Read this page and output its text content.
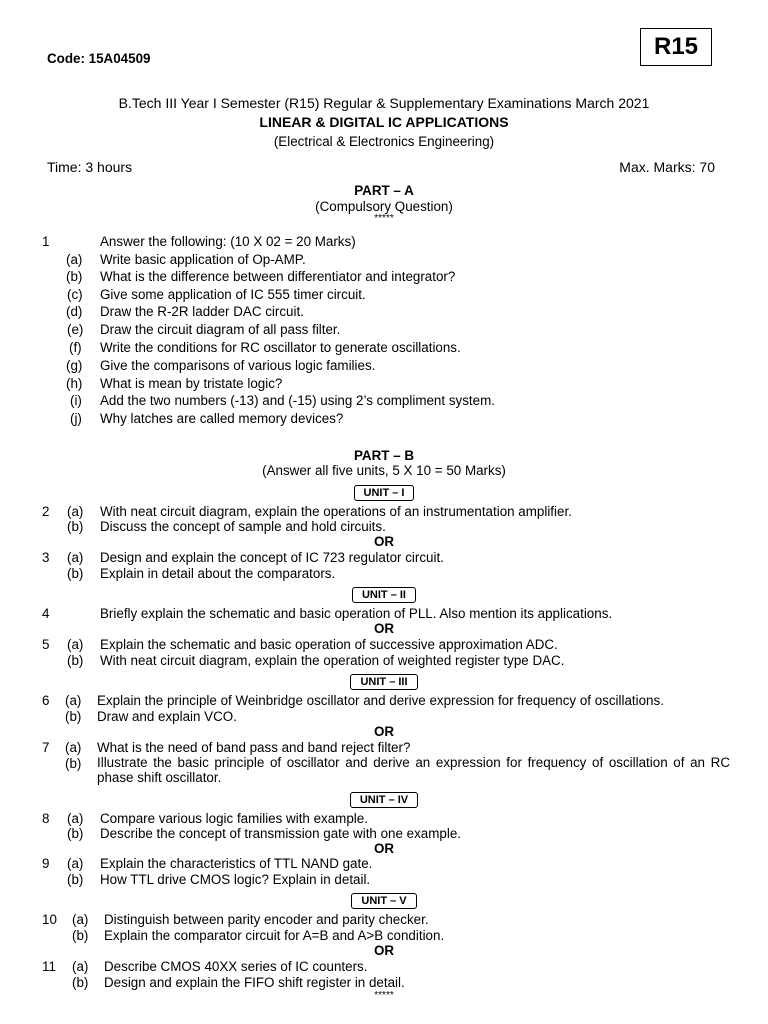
Code: 15A04509	R15
B.Tech III Year I Semester (R15) Regular & Supplementary Examinations March 2021
LINEAR & DIGITAL IC APPLICATIONS
(Electrical & Electronics Engineering)
Time: 3 hours	Max. Marks: 70
PART – A
(Compulsory Question)
*****
1	Answer the following: (10 X 02 = 20 Marks)
(a) Write basic application of Op-AMP.
(b) What is the difference between differentiator and integrator?
(c) Give some application of IC 555 timer circuit.
(d) Draw the R-2R ladder DAC circuit.
(e) Draw the circuit diagram of all pass filter.
(f) Write the conditions for RC oscillator to generate oscillations.
(g) Give the comparisons of various logic families.
(h) What is mean by tristate logic?
(i) Add the two numbers (-13) and (-15) using 2’s compliment system.
(j) Why latches are called memory devices?
PART – B
(Answer all five units, 5 X 10 = 50 Marks)
UNIT – I
2 (a) With neat circuit diagram, explain the operations of an instrumentation amplifier.
(b) Discuss the concept of sample and hold circuits.
OR
3 (a) Design and explain the concept of IC 723 regulator circuit.
(b) Explain in detail about the comparators.
UNIT – II
4	Briefly explain the schematic and basic operation of PLL. Also mention its applications.
OR
5 (a) Explain the schematic and basic operation of successive approximation ADC.
(b) With neat circuit diagram, explain the operation of weighted register type DAC.
UNIT – III
6 (a) Explain the principle of Weinbridge oscillator and derive expression for frequency of oscillations.
(b) Draw and explain VCO.
OR
7 (a) What is the need of band pass and band reject filter?
(b) Illustrate the basic principle of oscillator and derive an expression for frequency of oscillation of an RC phase shift oscillator.
UNIT – IV
8 (a) Compare various logic families with example.
(b) Describe the concept of transmission gate with one example.
OR
9 (a) Explain the characteristics of TTL NAND gate.
(b) How TTL drive CMOS logic? Explain in detail.
UNIT – V
10 (a) Distinguish between parity encoder and parity checker.
(b) Explain the comparator circuit for A=B and A>B condition.
OR
11 (a) Describe CMOS 40XX series of IC counters.
(b) Design and explain the FIFO shift register in detail.
*****
